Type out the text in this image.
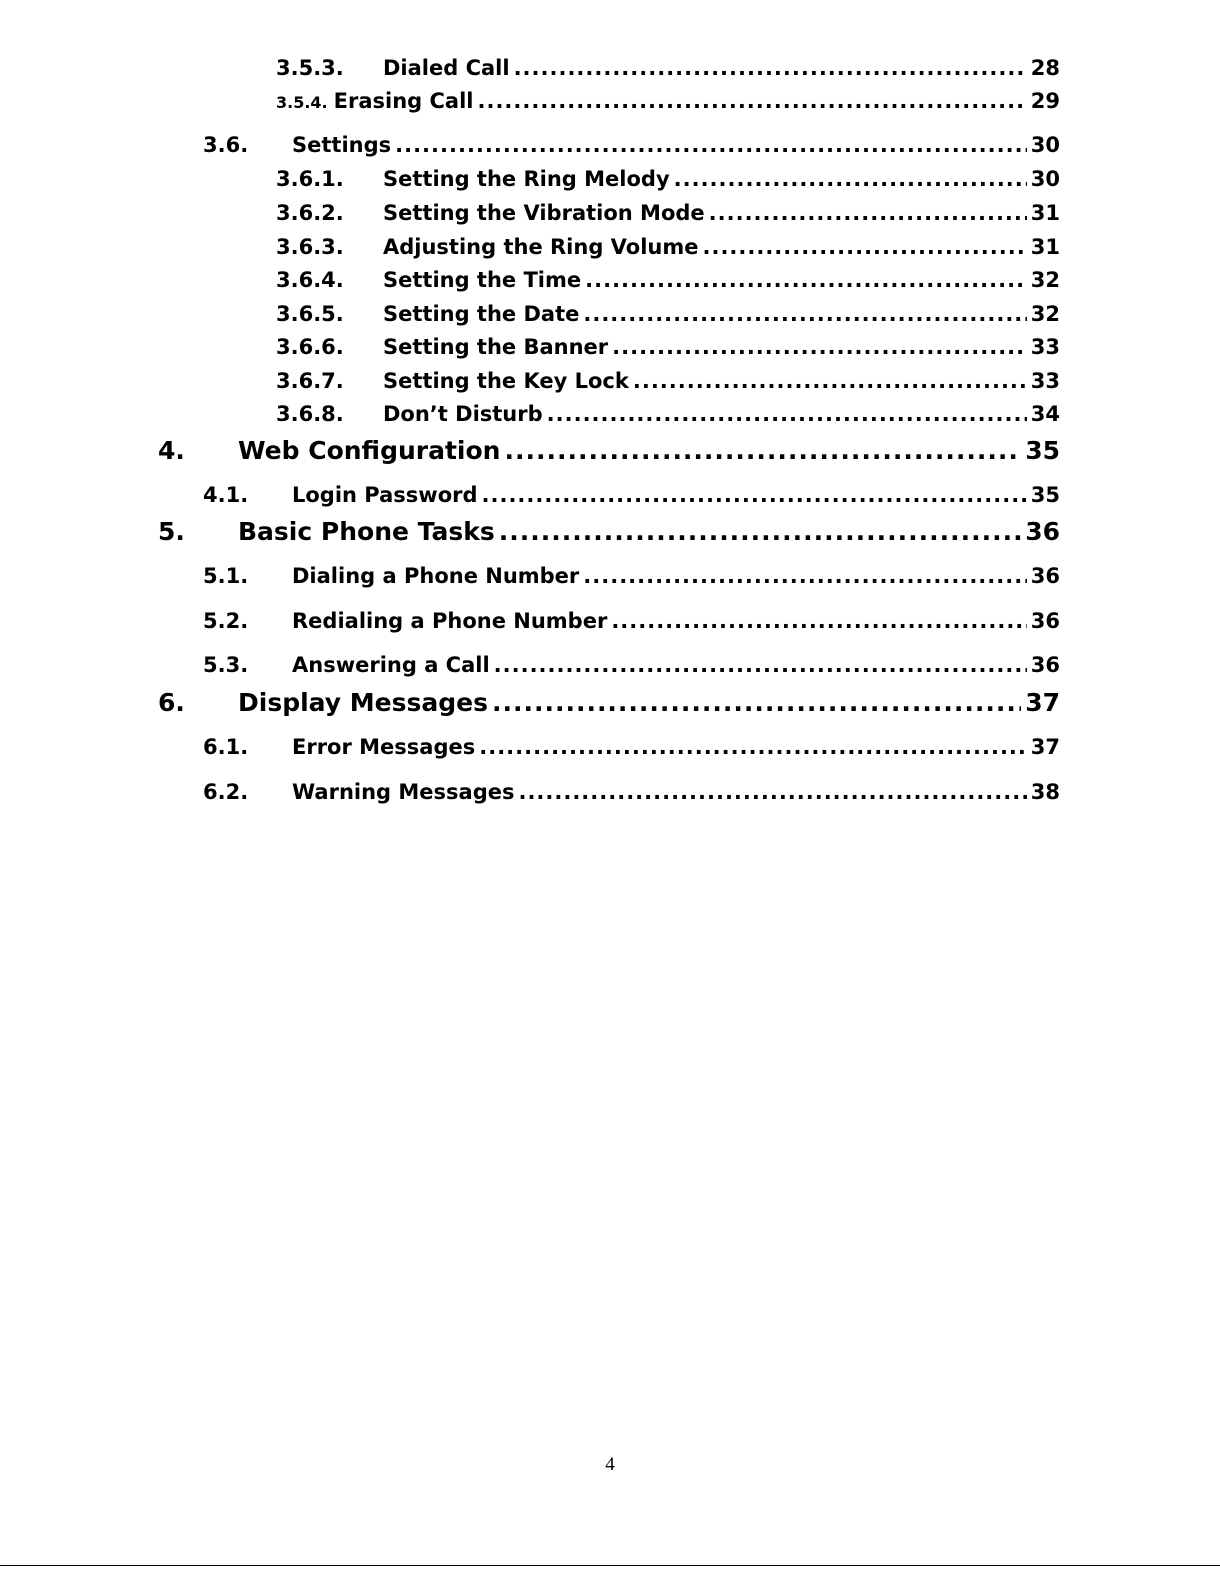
3.5.3.	Dialed Call .....	28
3.5.4. Erasing Call .....	29
3.6.	Settings .....	30
3.6.1.	Setting the Ring Melody .....	30
3.6.2.	Setting the Vibration Mode .....	31
3.6.3.	Adjusting the Ring Volume .....	31
3.6.4.	Setting the Time .....	32
3.6.5.	Setting the Date .....	32
3.6.6.	Setting the Banner .....	33
3.6.7.	Setting the Key Lock .....	33
3.6.8.	Don’t Disturb .....	34
4.	Web Configuration .....	35
4.1.	Login Password .....	35
5.	Basic Phone Tasks .....	36
5.1.	Dialing a Phone Number .....	36
5.2.	Redialing a Phone Number .....	36
5.3.	Answering a Call .....	36
6.	Display Messages .....	37
6.1.	Error Messages .....	37
6.2.	Warning Messages .....	38
4
